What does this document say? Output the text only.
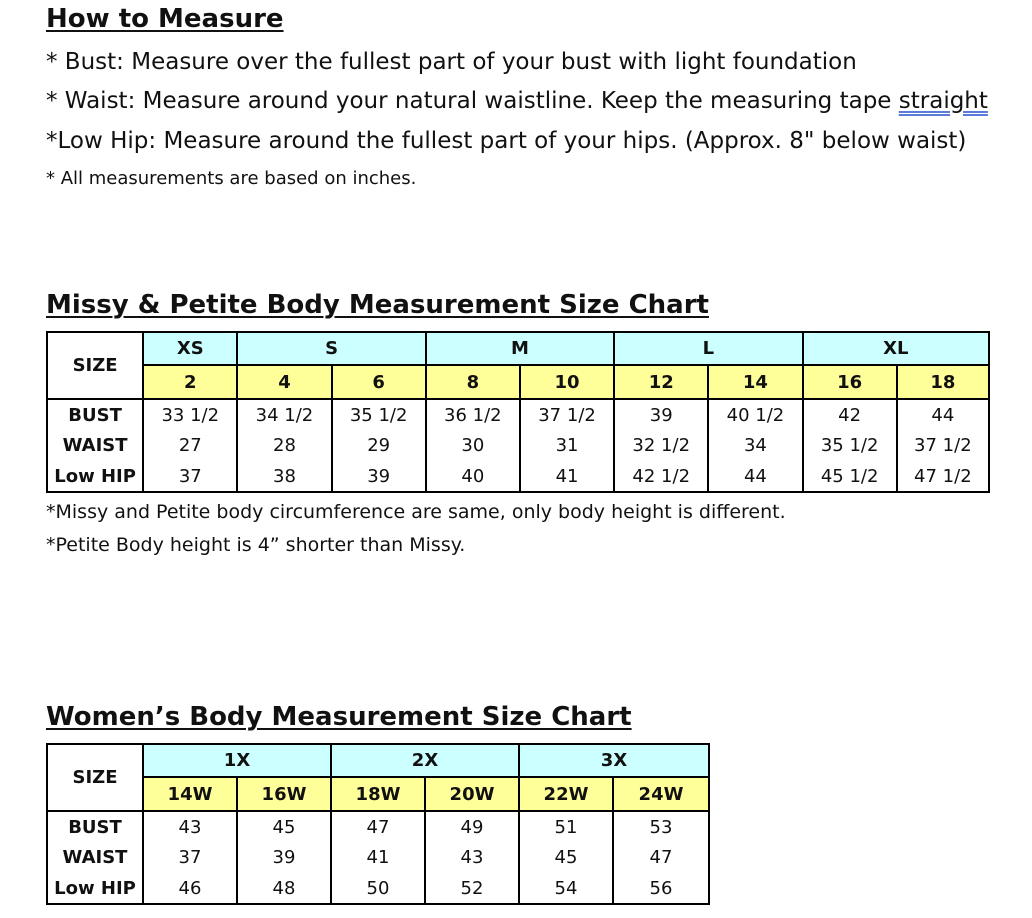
How to Measure
* Bust: Measure over the fullest part of your bust with light foundation
* Waist: Measure around your natural waistline. Keep the measuring tape straight
*Low Hip: Measure around the fullest part of your hips. (Approx. 8" below waist)
* All measurements are based on inches.
Missy & Petite Body Measurement Size Chart
SIZE	XS	S		M		L		XL	
	2	4	6	8	10	12	14	16	18
BUST	33 1/2	34 1/2	35 1/2	36 1/2	37 1/2	39	40 1/2	42	44
WAIST	27	28	29	30	31	32 1/2	34	35 1/2	37 1/2
Low HIP	37	38	39	40	41	42 1/2	44	45 1/2	47 1/2
*Missy and Petite body circumference are same, only body height is different.
*Petite Body height is 4” shorter than Missy.
Women’s Body Measurement Size Chart
SIZE	1X		2X		3X	
	14W	16W	18W	20W	22W	24W
BUST	43	45	47	49	51	53
WAIST	37	39	41	43	45	47
Low HIP	46	48	50	52	54	56
